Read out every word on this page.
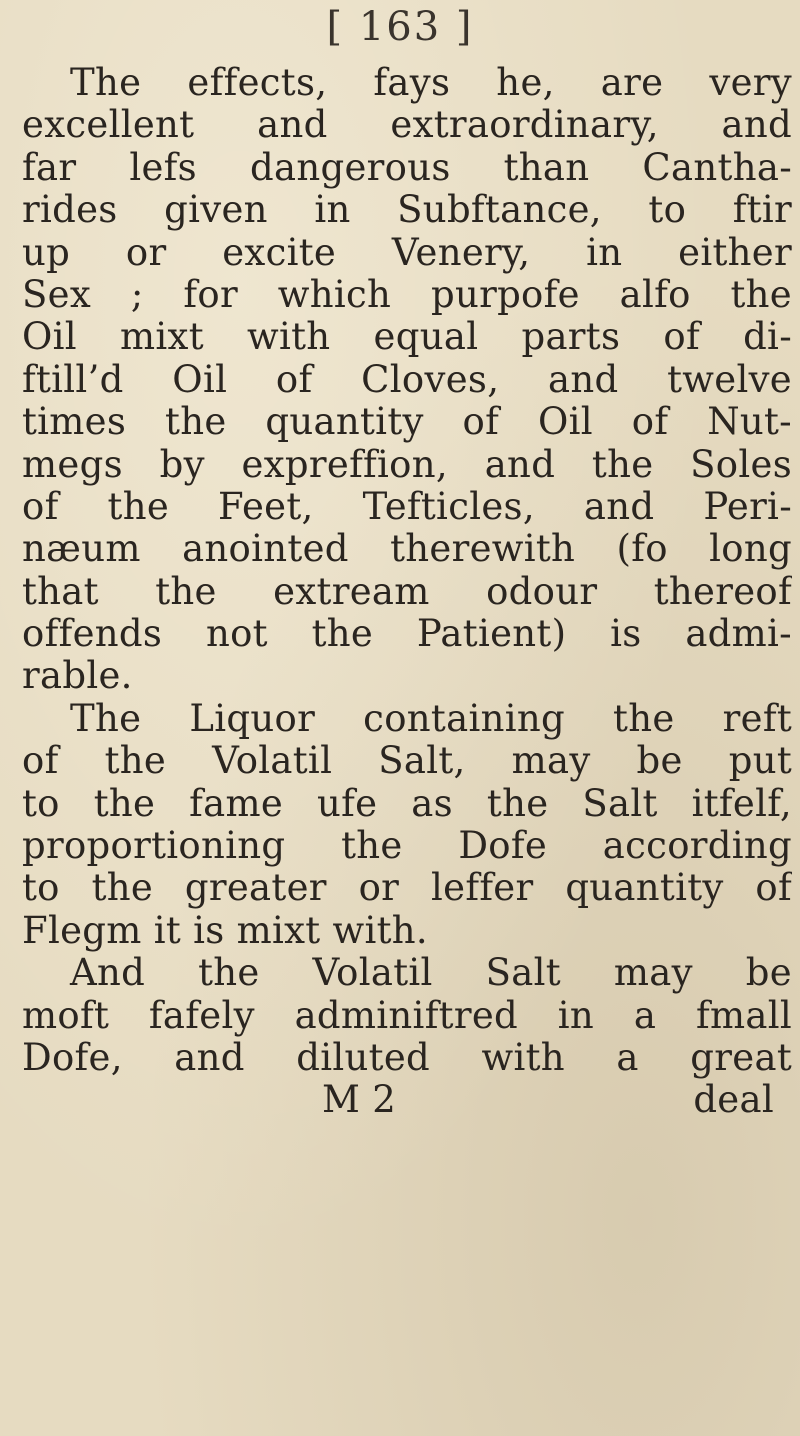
[ 163 ]
The effects, fays he, are very
excellent and extraordinary, and
far lefs dangerous than Cantha-
rides given in Subftance, to ftir
up or excite Venery, in either
Sex ; for which purpofe alfo the
Oil mixt with equal parts of di-
ftill’d Oil of Cloves, and twelve
times the quantity of Oil of Nut-
megs by expreffion, and the Soles
of the Feet, Tefticles, and Peri-
næum anointed therewith (fo long
that the extream odour thereof
offends not the Patient) is admi-
rable.
The Liquor containing the reft
of the Volatil Salt, may be put
to the fame ufe as the Salt itfelf,
proportioning the Dofe according
to the greater or leffer quantity of
Flegm it is mixt with.
And the Volatil Salt may be
moft fafely adminiftred in a fmall
Dofe, and diluted with a great
M 2	deal
